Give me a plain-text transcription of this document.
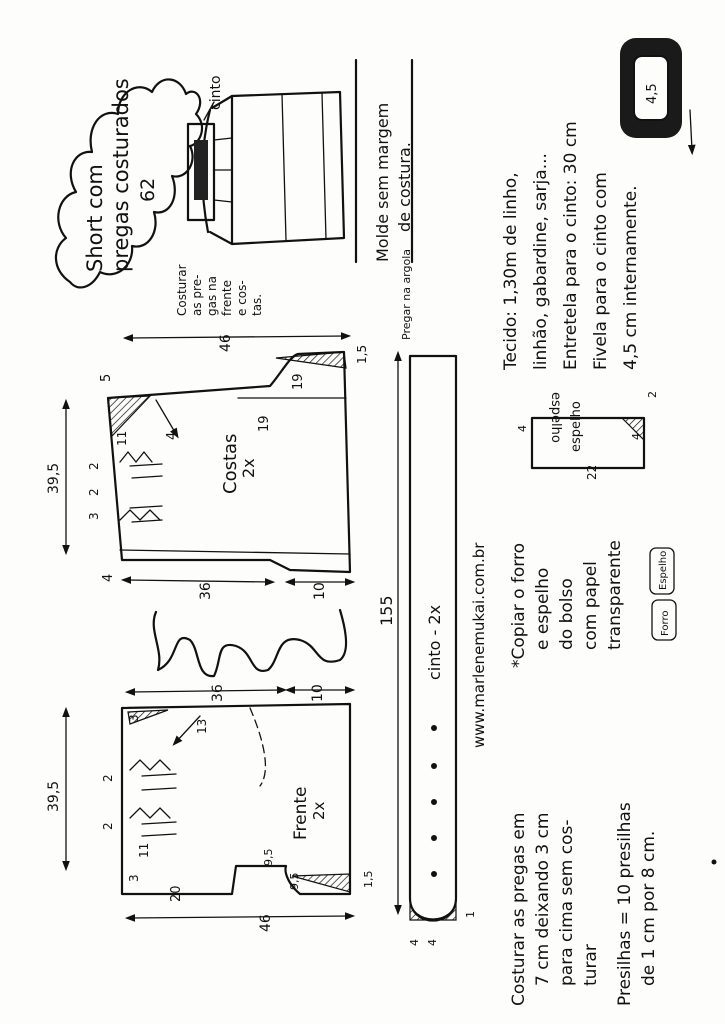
Short com pregas costurados 62
cinto
Costurar as pre- gas na frente e cos- tas.
Molde sem margem de costura.	Tecido: 1,30m de linho, linhão, gabardine, sarja... Entretela para o cinto: 30 cm Fivela para o cinto com 4,5 cm internamente.
4,5
Costas
2x
46
39,5
36	10
4
5
19
19
1,5
4
11
2
2
3
Marlene Mukai
Frente 2x
36	10
39,5
46
13
3
3
2
2
11
20
9,5
9,5	1,5
155 cinto - 2x
Pregar na argola
4 4
1
www.marlenemukai.com.br
espelho
espelho	2
4
4
22
Espelho
Forro
*Copiar o forro e espelho do bolso com papel transparente
Costurar as pregas em 7 cm deixando 3 cm para cima sem cos- turar Presilhas = 10 presilhas de 1 cm por 8 cm.
